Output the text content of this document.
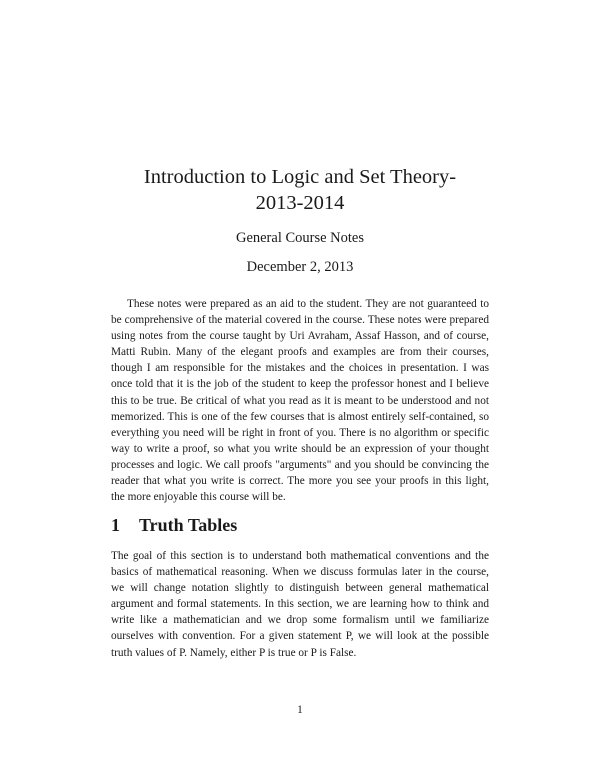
Introduction to Logic and Set Theory-
2013-2014
General Course Notes
December 2, 2013

These notes were prepared as an aid to the student. They are not guaranteed to be comprehensive of the material covered in the course. These notes were prepared using notes from the course taught by Uri Avraham, Assaf Hasson, and of course, Matti Rubin. Many of the elegant proofs and examples are from their courses, though I am responsible for the mistakes and the choices in presentation. I was once told that it is the job of the student to keep the professor honest and I believe this to be true. Be critical of what you read as it is meant to be understood and not memorized. This is one of the few courses that is almost entirely self-contained, so everything you need will be right in front of you. There is no algorithm or specific way to write a proof, so what you write should be an expression of your thought processes and logic. We call proofs "arguments" and you should be convincing the reader that what you write is correct. The more you see your proofs in this light, the more enjoyable this course will be.

1 Truth Tables

The goal of this section is to understand both mathematical conventions and the basics of mathematical reasoning. When we discuss formulas later in the course, we will change notation slightly to distinguish between general mathematical argument and formal statements. In this section, we are learning how to think and write like a mathematician and we drop some formalism until we familiarize ourselves with convention. For a given statement P, we will look at the possible truth values of P. Namely, either P is true or P is False.

1
